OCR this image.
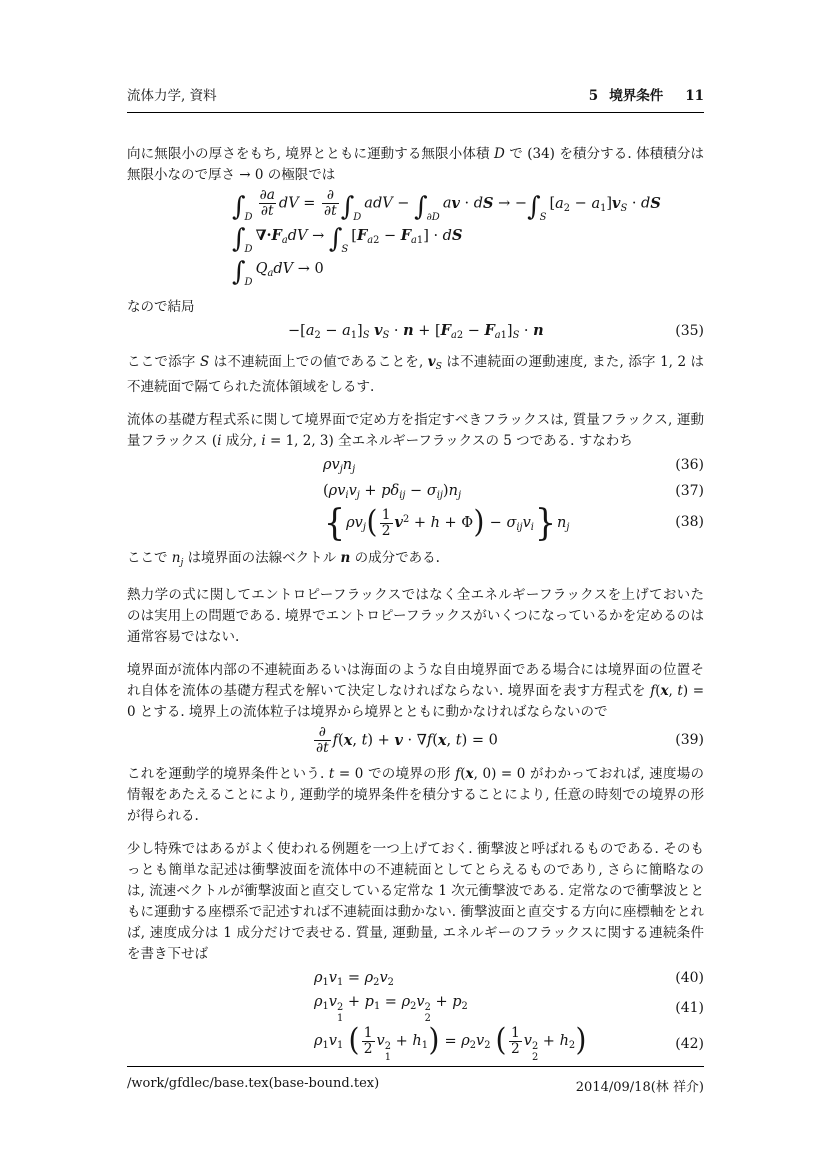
流体力学, 資料	5 境界条件 11

向に無限小の厚さをもち, 境界とともに運動する無限小体積 D で (34) を積分する. 体積積分は無限小なので厚さ → 0 の極限では

$\int_D \frac{\partial a}{\partial t}$ dV = $\frac{\partial}{\partial t} \int_DadV - \int_{\partial D}av$ · dS → $-\int_S[a_2 - a_1]v_S$ · dS
$\int_D\nabla\cdot F_adV \to \int_S[F_{a2} - F_{a1}]$ · dS
$\int_DQ_adV \to 0$

なので結局

$-[a_2 - a_1]_S$ $v_S \cdot n + [F_{a2} - F_{a1}]_S \cdot n$	(35)

ここで添字 S は不連続面上での値であることを, $v_S$ は不連続面の運動速度, また, 添字 1, 2 は不連続面で隔てられた流体領域をしるす.

流体の基礎方程式系に関して境界面で定め方を指定すべきフラックスは, 質量フラックス, 運動量フラックス (i 成分, i = 1, 2, 3) 全エネルギーフラックスの 5 つである. すなわち

$\rho v_jn_j$	(36)
$(\rho v_iv_j + p\delta_{ij} - \sigma_{ij})n_j$	(37)
$\{\rho v_j( \frac{1}{2} v^2 + h + \Phi) - \sigma_{ij}v_i\}n_j$	(38)

ここで $n_j$ は境界面の法線ベクトル n の成分である.

熱力学の式に関してエントロピーフラックスではなく全エネルギーフラックスを上げておいたのは実用上の問題である. 境界でエントロピーフラックスがいくつになっているかを定めるのは通常容易ではない.

境界面が流体内部の不連続面あるいは海面のような自由境界面である場合には境界面の位置それ自体を流体の基礎方程式を解いて決定しなければならない. 境界面を表す方程式を f(x, t) = 0 とする. 境界上の流体粒子は境界から境界とともに動かなければならないので

$\frac{\partial}{\partial t} f(x$, t) + v · ∇f(x, t) = 0	(39)

これを運動学的境界条件という. t = 0 での境界の形 f(x, 0) = 0 がわかっておれば, 速度場の情報をあたえることにより, 運動学的境界条件を積分することにより, 任意の時刻での境界の形が得られる.

少し特殊ではあるがよく使われる例題を一つ上げておく. 衝撃波と呼ばれるものである. そのもっとも簡単な記述は衝撃波面を流体中の不連続面としてとらえるものであり, さらに簡略なのは, 流速ベクトルが衝撃波面と直交している定常な 1 次元衝撃波である. 定常なので衝撃波とともに運動する座標系で記述すれば不連続面は動かない. 衝撃波面と直交する方向に座標軸をとれば, 速度成分は 1 成分だけで表せる. 質量, 運動量, エネルギーのフラックスに関する連続条件を書き下せば

$\rho_1v_1 = \rho_2v_2$	(40)
$\rho_1v$ 2
1
+ $p_1 = \rho_2v$ 2
2
+ $p_2$	(41)
$\rho_1v_1$ ( $\frac{1}{2}$ v 2
1
+ $h_1) = \rho_2v_2$ ( $\frac{1}{2}$ v 2
2
+ $h_2$)	(42)
/work/gfdlec/base.tex(base-bound.tex)	2014/09/18(林 祥介)
